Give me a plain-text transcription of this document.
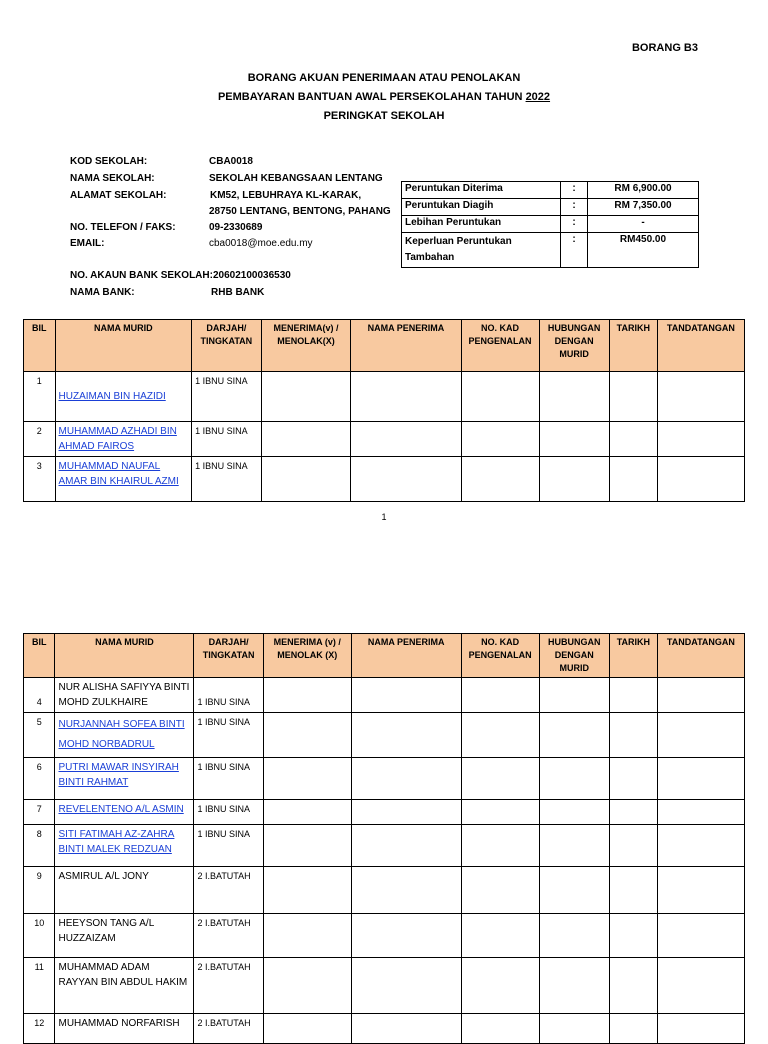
BORANG B3
BORANG AKUAN PENERIMAAN ATAU PENOLAKAN
PEMBAYARAN BANTUAN AWAL PERSEKOLAHAN TAHUN 2022
PERINGKAT SEKOLAH
KOD SEKOLAH:	CBA0018
NAMA SEKOLAH:	SEKOLAH KEBANGSAAN LENTANG
ALAMAT SEKOLAH:	KM52, LEBUHRAYA KL-KARAK,
28750 LENTANG, BENTONG, PAHANG
NO. TELEFON / FAKS:	09-2330689
EMAIL:	cba0018@moe.edu.my
NO. AKAUN BANK SEKOLAH: 20602100036530
NAMA BANK:	RHB BANK
Peruntukan Diterima	:	RM 6,900.00
Peruntukan Diagih	:	RM 7,350.00
Lebihan Peruntukan	:	-
Keperluan Peruntukan Tambahan	:	RM450.00
BIL	NAMA MURID	DARJAH/ TINGKATAN	MENERIMA(v) / MENOLAK(X)	NAMA PENERIMA	NO. KAD PENGENALAN	HUBUNGAN DENGAN MURID	TARIKH	TANDATANGAN
1	HUZAIMAN BIN HAZIDI	1 IBNU SINA						
2	MUHAMMAD AZHADI BIN AHMAD FAIROS	1 IBNU SINA						
3	MUHAMMAD NAUFAL AMAR BIN KHAIRUL AZMI	1 IBNU SINA						
1
BIL	NAMA MURID	DARJAH/ TINGKATAN	MENERIMA (v) / MENOLAK (X)	NAMA PENERIMA	NO. KAD PENGENALAN	HUBUNGAN DENGAN MURID	TARIKH	TANDATANGAN
4	NUR ALISHA SAFIYYA BINTI MOHD ZULKHAIRE	1 IBNU SINA						
5	NURJANNAH SOFEA BINTI MOHD NORBADRUL	1 IBNU SINA						
6	PUTRI MAWAR INSYIRAH BINTI RAHMAT	1 IBNU SINA						
7	REVELENTENO A/L ASMIN	1 IBNU SINA						
8	SITI FATIMAH AZ-ZAHRA BINTI MALEK REDZUAN	1 IBNU SINA						
9	ASMIRUL A/L JONY	2 I.BATUTAH						
10	HEEYSON TANG A/L HUZZAIZAM	2 I.BATUTAH						
11	MUHAMMAD ADAM RAYYAN BIN ABDUL HAKIM	2 I.BATUTAH						
12	MUHAMMAD NORFARISH	2 I.BATUTAH						
